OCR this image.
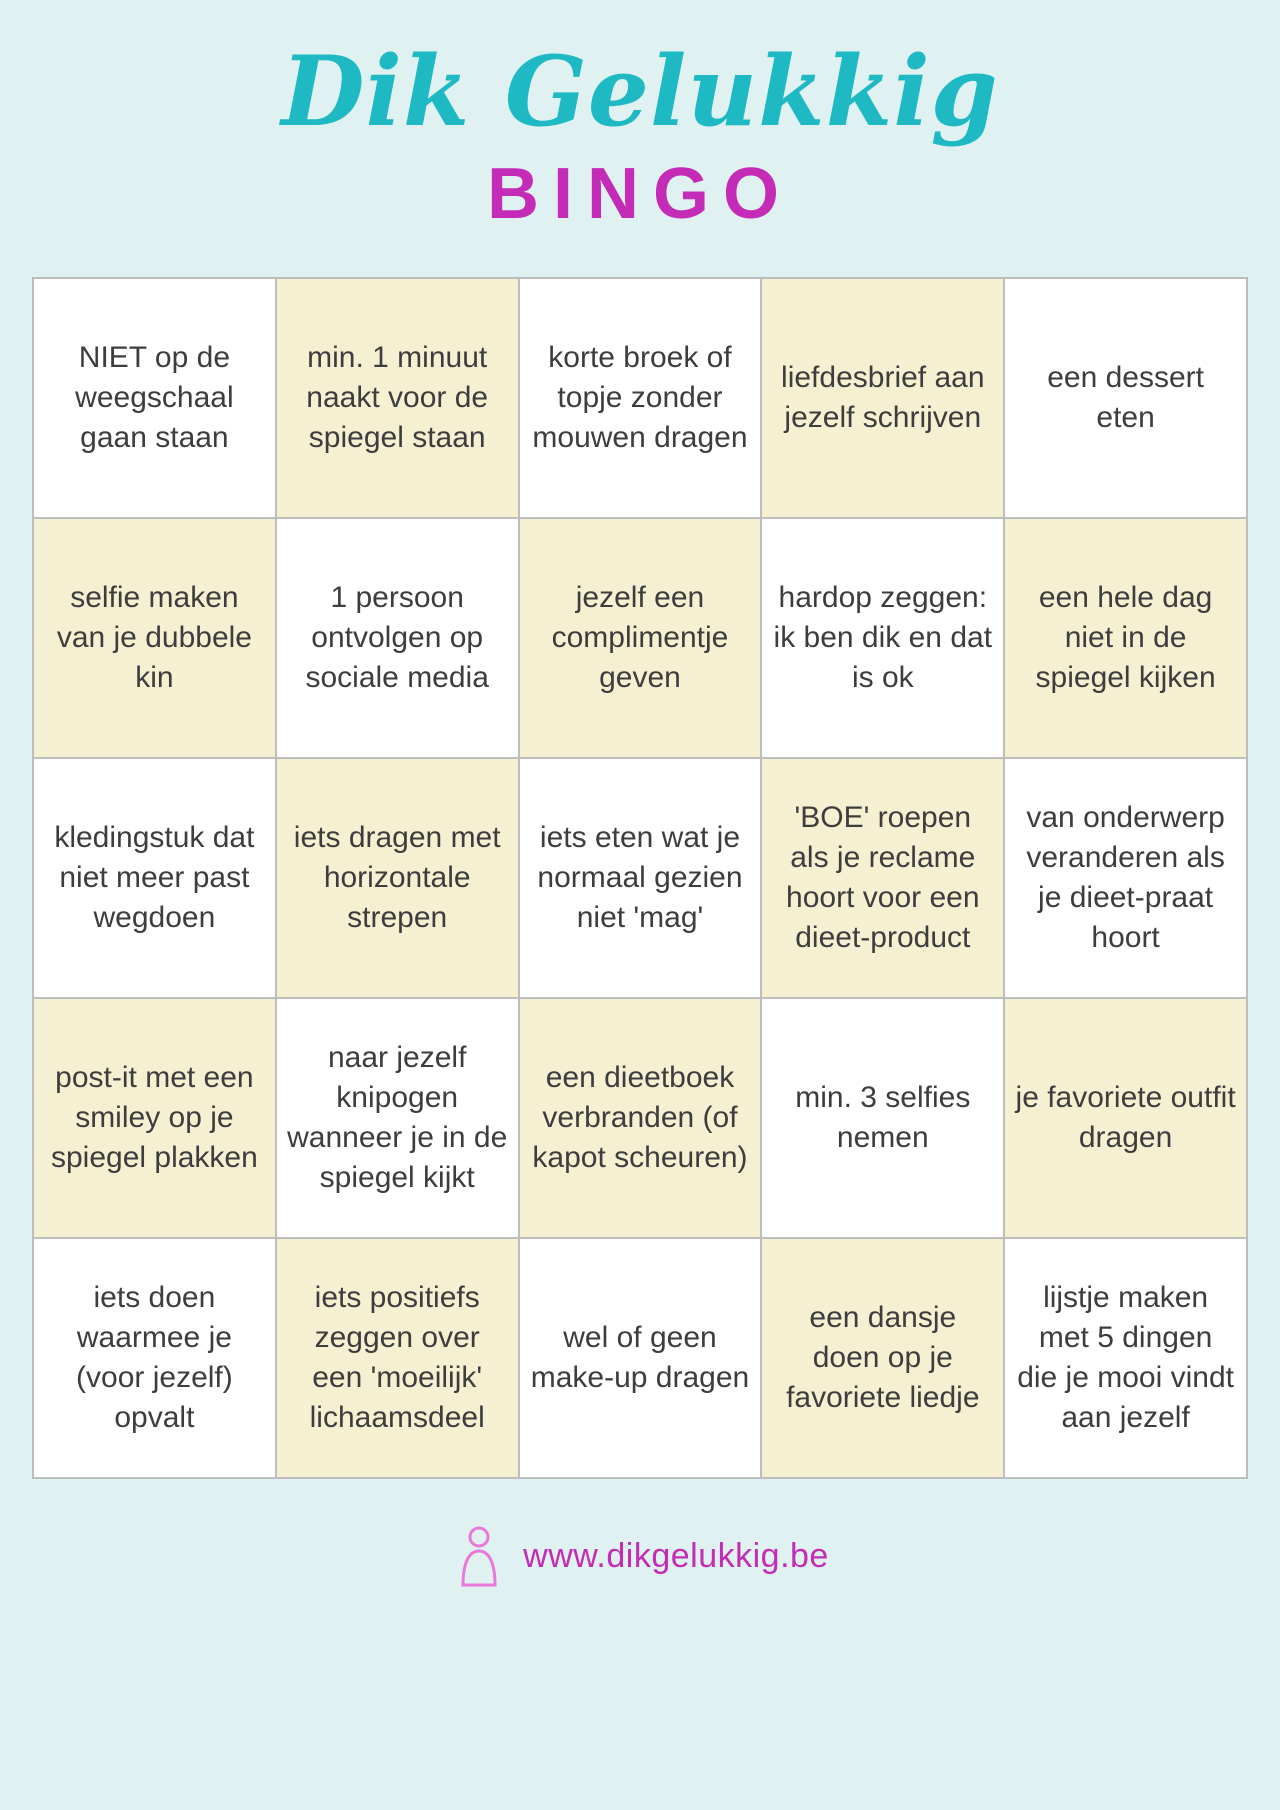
Dik Gelukkig
BINGO
NIET op de weegschaal gaan staan	min. 1 minuut naakt voor de spiegel staan	korte broek of topje zonder mouwen dragen	liefdesbrief aan jezelf schrijven	een dessert eten
selfie maken van je dubbele kin	1 persoon ontvolgen op sociale media	jezelf een complimentje geven	hardop zeggen: ik ben dik en dat is ok	een hele dag niet in de spiegel kijken
kledingstuk dat niet meer past wegdoen	iets dragen met horizontale strepen	iets eten wat je normaal gezien niet 'mag'	'BOE' roepen als je reclame hoort voor een dieet-product	van onderwerp veranderen als je dieet-praat hoort
post-it met een smiley op je spiegel plakken	naar jezelf knipogen wanneer je in de spiegel kijkt	een dieetboek verbranden (of kapot scheuren)	min. 3 selfies nemen	je favoriete outfit dragen
iets doen waarmee je (voor jezelf) opvalt	iets positiefs zeggen over een 'moeilijk' lichaamsdeel	wel of geen make-up dragen	een dansje doen op je favoriete liedje	lijstje maken met 5 dingen die je mooi vindt aan jezelf
www.dikgelukkig.be
